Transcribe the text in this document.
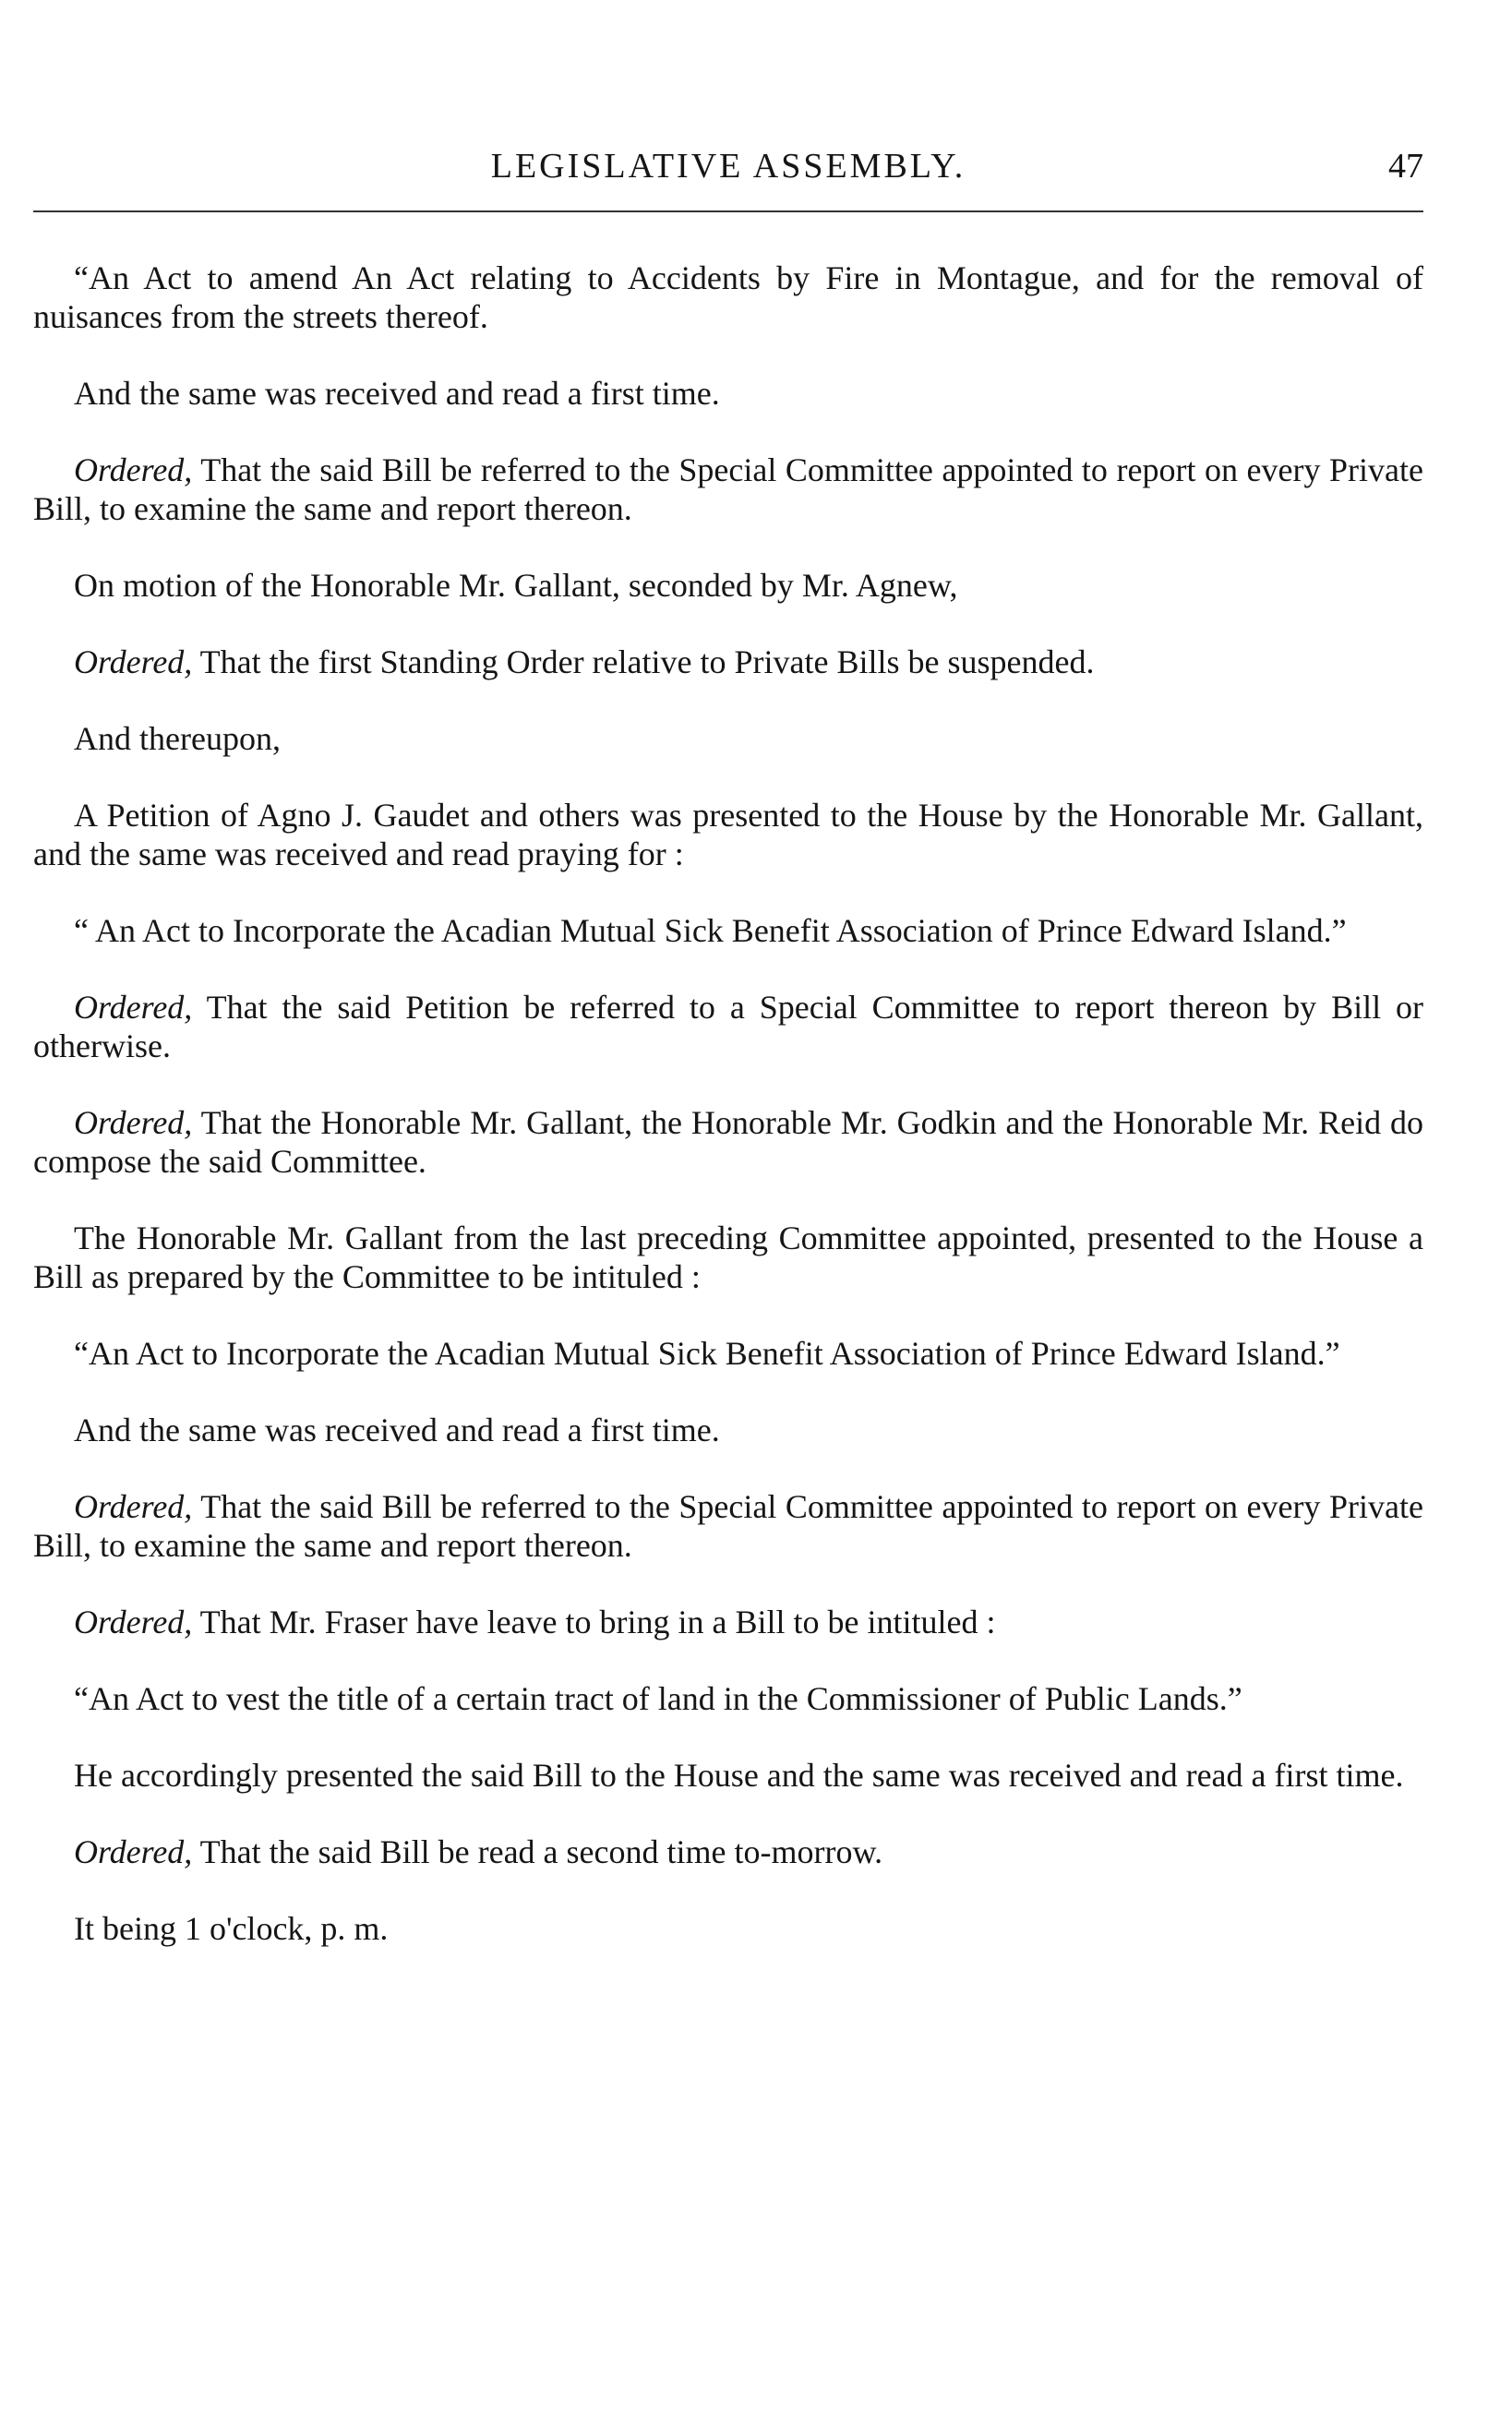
LEGISLATIVE ASSEMBLY.	47

“An Act to amend An Act relating to Accidents by Fire in Montague, and for the removal of nuisances from the streets thereof.

And the same was received and read a first time.

Ordered, That the said Bill be referred to the Special Committee appointed to report on every Private Bill, to examine the same and report thereon.

On motion of the Honorable Mr. Gallant, seconded by Mr. Agnew,

Ordered, That the first Standing Order relative to Private Bills be suspended.

And thereupon,

A Petition of Agno J. Gaudet and others was presented to the House by the Honorable Mr. Gallant, and the same was received and read praying for :

“ An Act to Incorporate the Acadian Mutual Sick Benefit Association of Prince Edward Island.”

Ordered, That the said Petition be referred to a Special Committee to report thereon by Bill or otherwise.

Ordered, That the Honorable Mr. Gallant, the Honorable Mr. Godkin and the Honorable Mr. Reid do compose the said Committee.

The Honorable Mr. Gallant from the last preceding Committee appointed, presented to the House a Bill as prepared by the Committee to be intituled :

“An Act to Incorporate the Acadian Mutual Sick Benefit Association of Prince Edward Island.”

And the same was received and read a first time.

Ordered, That the said Bill be referred to the Special Committee appointed to report on every Private Bill, to examine the same and report thereon.

Ordered, That Mr. Fraser have leave to bring in a Bill to be intituled :

“An Act to vest the title of a certain tract of land in the Commissioner of Public Lands.”

He accordingly presented the said Bill to the House and the same was received and read a first time.

Ordered, That the said Bill be read a second time to-morrow.

It being 1 o'clock, p. m.
